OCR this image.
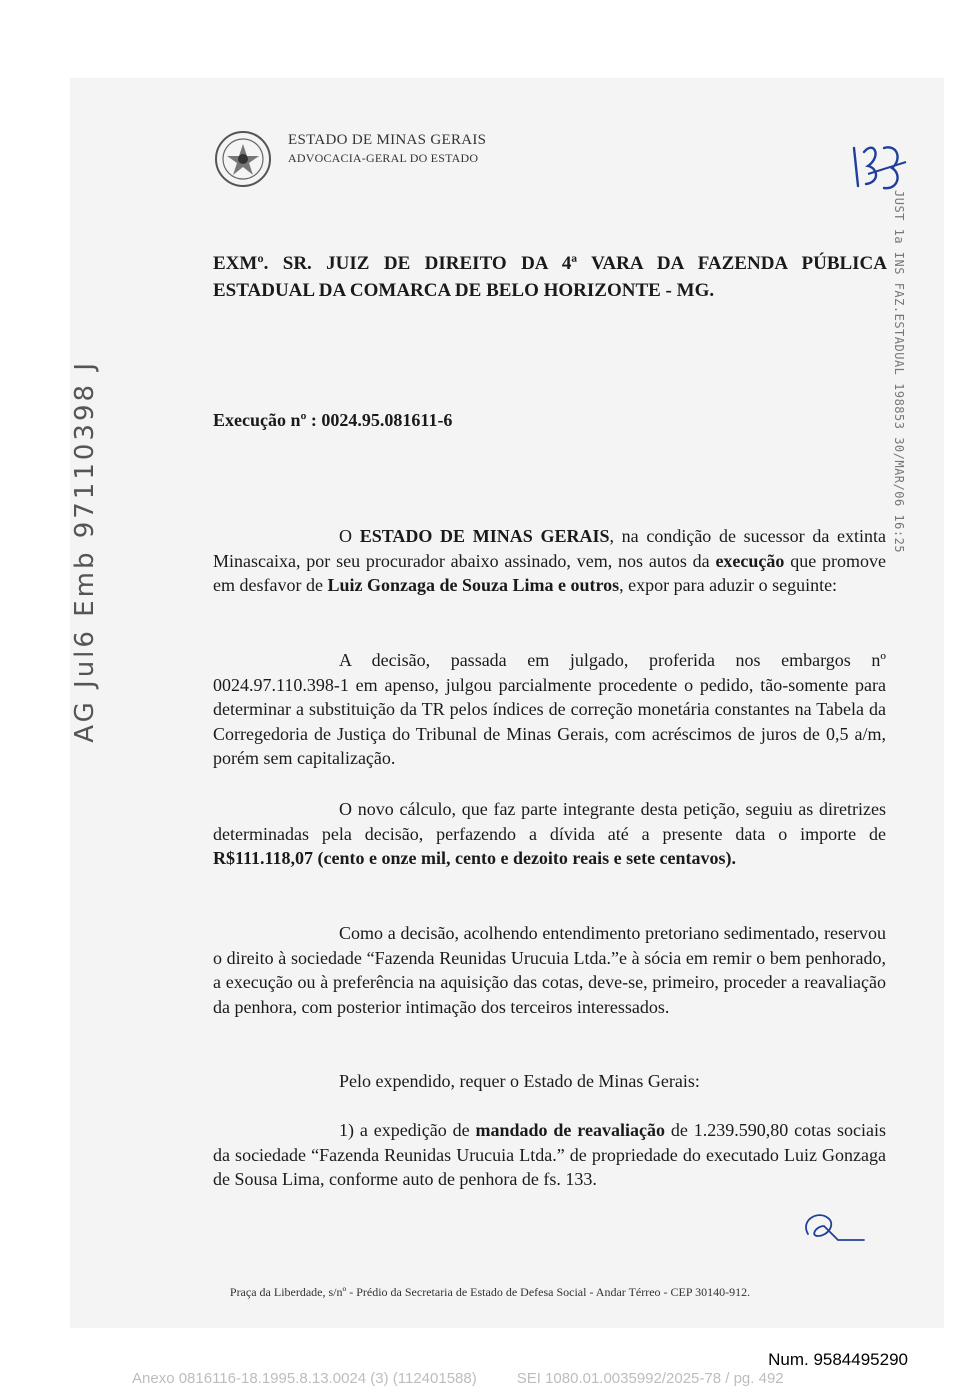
ESTADO DE MINAS GERAIS
ADVOCACIA-GERAL DO ESTADO
JUST 1a INS FAZ.ESTADUAL 198853 30/MAR/06 16:25
AG Jul6 Emb 97110398 J
EXMº. SR. JUIZ DE DIREITO DA 4ª VARA DA FAZENDA PÚBLICA ESTADUAL DA COMARCA DE BELO HORIZONTE - MG.
Execução nº : 0024.95.081611-6
O ESTADO DE MINAS GERAIS, na condição de sucessor da extinta Minascaixa, por seu procurador abaixo assinado, vem, nos autos da execução que promove em desfavor de Luiz Gonzaga de Souza Lima e outros, expor para aduzir o seguinte:
A decisão, passada em julgado, proferida nos embargos nº 0024.97.110.398-1 em apenso, julgou parcialmente procedente o pedido, tão-somente para determinar a substituição da TR pelos índices de correção monetária constantes na Tabela da Corregedoria de Justiça do Tribunal de Minas Gerais, com acréscimos de juros de 0,5 a/m, porém sem capitalização.
O novo cálculo, que faz parte integrante desta petição, seguiu as diretrizes determinadas pela decisão, perfazendo a dívida até a presente data o importe de R$111.118,07 (cento e onze mil, cento e dezoito reais e sete centavos).
Como a decisão, acolhendo entendimento pretoriano sedimentado, reservou o direito à sociedade “Fazenda Reunidas Urucuia Ltda.”e à sócia em remir o bem penhorado, a execução ou à preferência na aquisição das cotas, deve-se, primeiro, proceder a reavaliação da penhora, com posterior intimação dos terceiros interessados.
Pelo expendido, requer o Estado de Minas Gerais:
1) a expedição de mandado de reavaliação de 1.239.590,80 cotas sociais da sociedade “Fazenda Reunidas Urucuia Ltda.” de propriedade do executado Luiz Gonzaga de Sousa Lima, conforme auto de penhora de fs. 133.
Praça da Liberdade, s/nº - Prédio da Secretaria de Estado de Defesa Social - Andar Térreo - CEP 30140-912.
Num. 9584495290
Anexo 0816116-18.1995.8.13.0024 (3) (112401588)	SEI 1080.01.0035992/2025-78 / pg. 492
